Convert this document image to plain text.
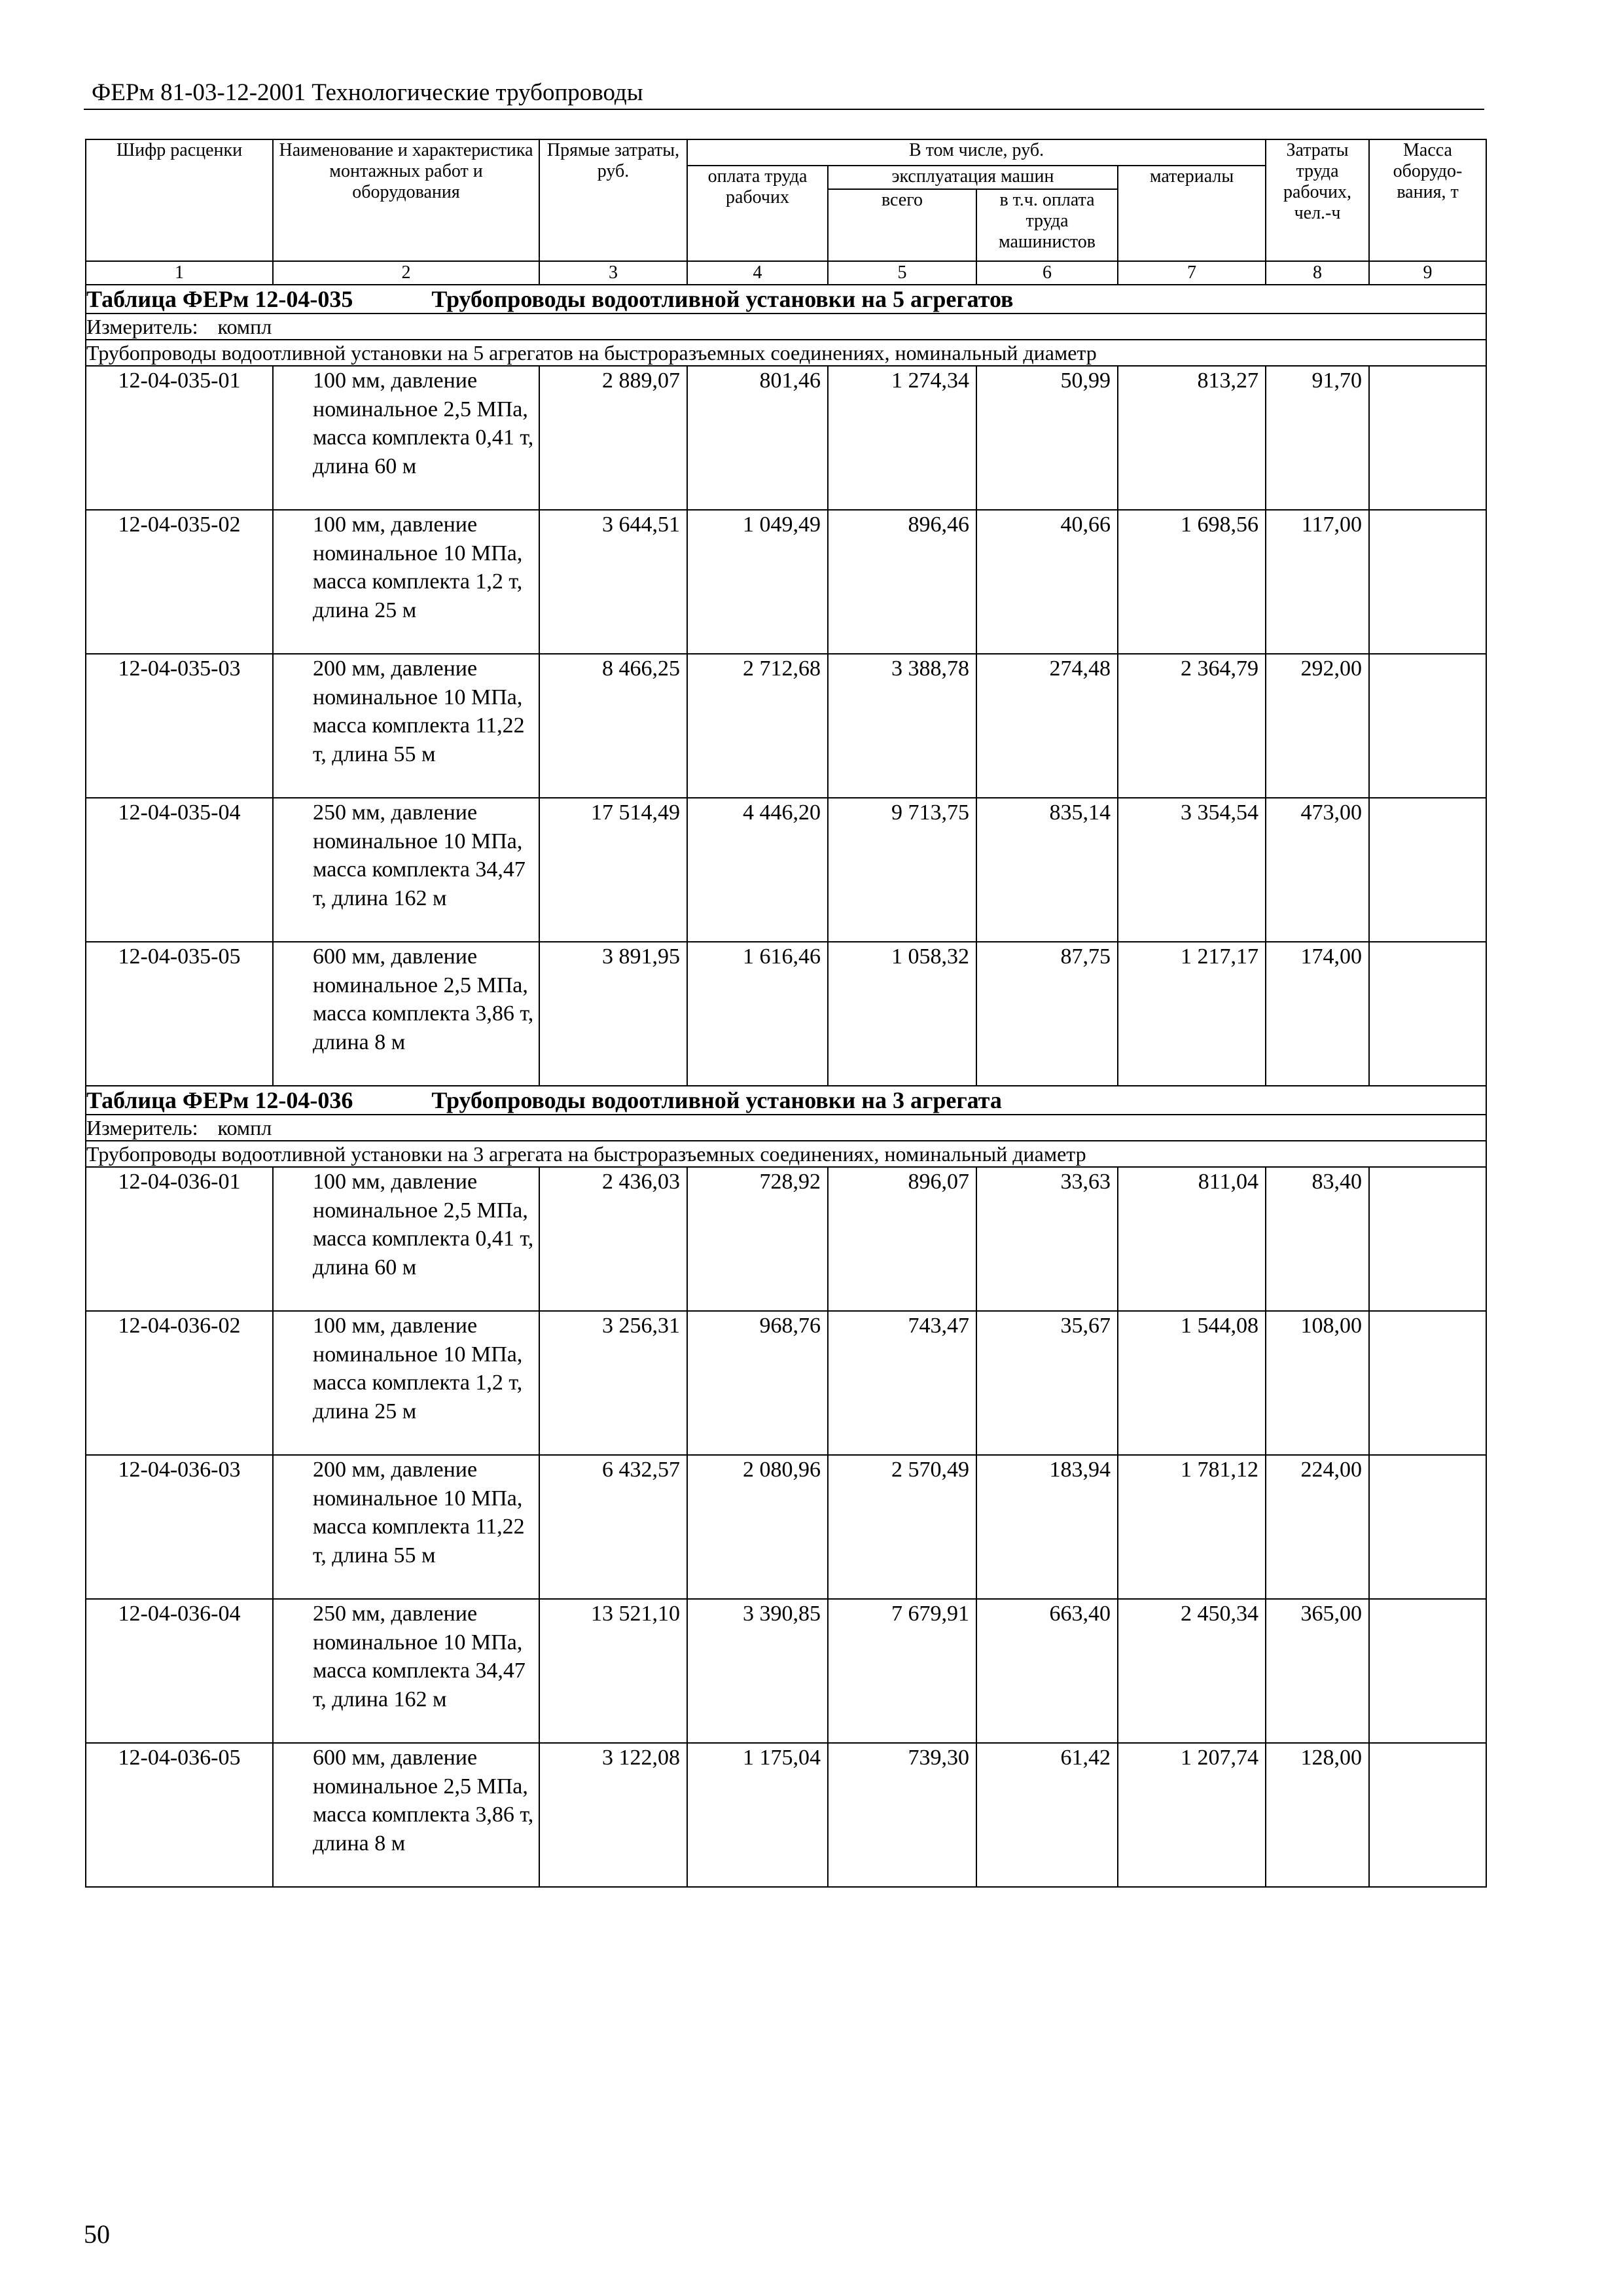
ФЕРм 81-03-12-2001 Технологические трубопроводы
Шифр расценки	Наименование и характеристика монтажных работ и оборудования	Прямые затраты, руб.	В том числе, руб.				Затраты труда рабочих, чел.-ч	Масса оборудо-вания, т
			оплата труда рабочих	эксплуатация машин		материалы		
				всего	в т.ч. оплата труда машинистов			
1	2	3	4	5	6	7	8	9
Таблица ФЕРм 12-04-035 Трубопроводы водоотливной установки на 5 агрегатов								
Измеритель: компл								
Трубопроводы водоотливной установки на 5 агрегатов на быстроразъемных соединениях, номинальный диаметр								
12-04-035-01	100 мм, давление номинальное 2,5 МПа, масса комплекта 0,41 т, длина 60 м	2 889,07	801,46	1 274,34	50,99	813,27	91,70	
12-04-035-02	100 мм, давление номинальное 10 МПа, масса комплекта 1,2 т, длина 25 м	3 644,51	1 049,49	896,46	40,66	1 698,56	117,00	
12-04-035-03	200 мм, давление номинальное 10 МПа, масса комплекта 11,22 т, длина 55 м	8 466,25	2 712,68	3 388,78	274,48	2 364,79	292,00	
12-04-035-04	250 мм, давление номинальное 10 МПа, масса комплекта 34,47 т, длина 162 м	17 514,49	4 446,20	9 713,75	835,14	3 354,54	473,00	
12-04-035-05	600 мм, давление номинальное 2,5 МПа, масса комплекта 3,86 т, длина 8 м	3 891,95	1 616,46	1 058,32	87,75	1 217,17	174,00	
Таблица ФЕРм 12-04-036 Трубопроводы водоотливной установки на 3 агрегата								
Измеритель: компл								
Трубопроводы водоотливной установки на 3 агрегата на быстроразъемных соединениях, номинальный диаметр								
12-04-036-01	100 мм, давление номинальное 2,5 МПа, масса комплекта 0,41 т, длина 60 м	2 436,03	728,92	896,07	33,63	811,04	83,40	
12-04-036-02	100 мм, давление номинальное 10 МПа, масса комплекта 1,2 т, длина 25 м	3 256,31	968,76	743,47	35,67	1 544,08	108,00	
12-04-036-03	200 мм, давление номинальное 10 МПа, масса комплекта 11,22 т, длина 55 м	6 432,57	2 080,96	2 570,49	183,94	1 781,12	224,00	
12-04-036-04	250 мм, давление номинальное 10 МПа, масса комплекта 34,47 т, длина 162 м	13 521,10	3 390,85	7 679,91	663,40	2 450,34	365,00	
12-04-036-05	600 мм, давление номинальное 2,5 МПа, масса комплекта 3,86 т, длина 8 м	3 122,08	1 175,04	739,30	61,42	1 207,74	128,00	
50
